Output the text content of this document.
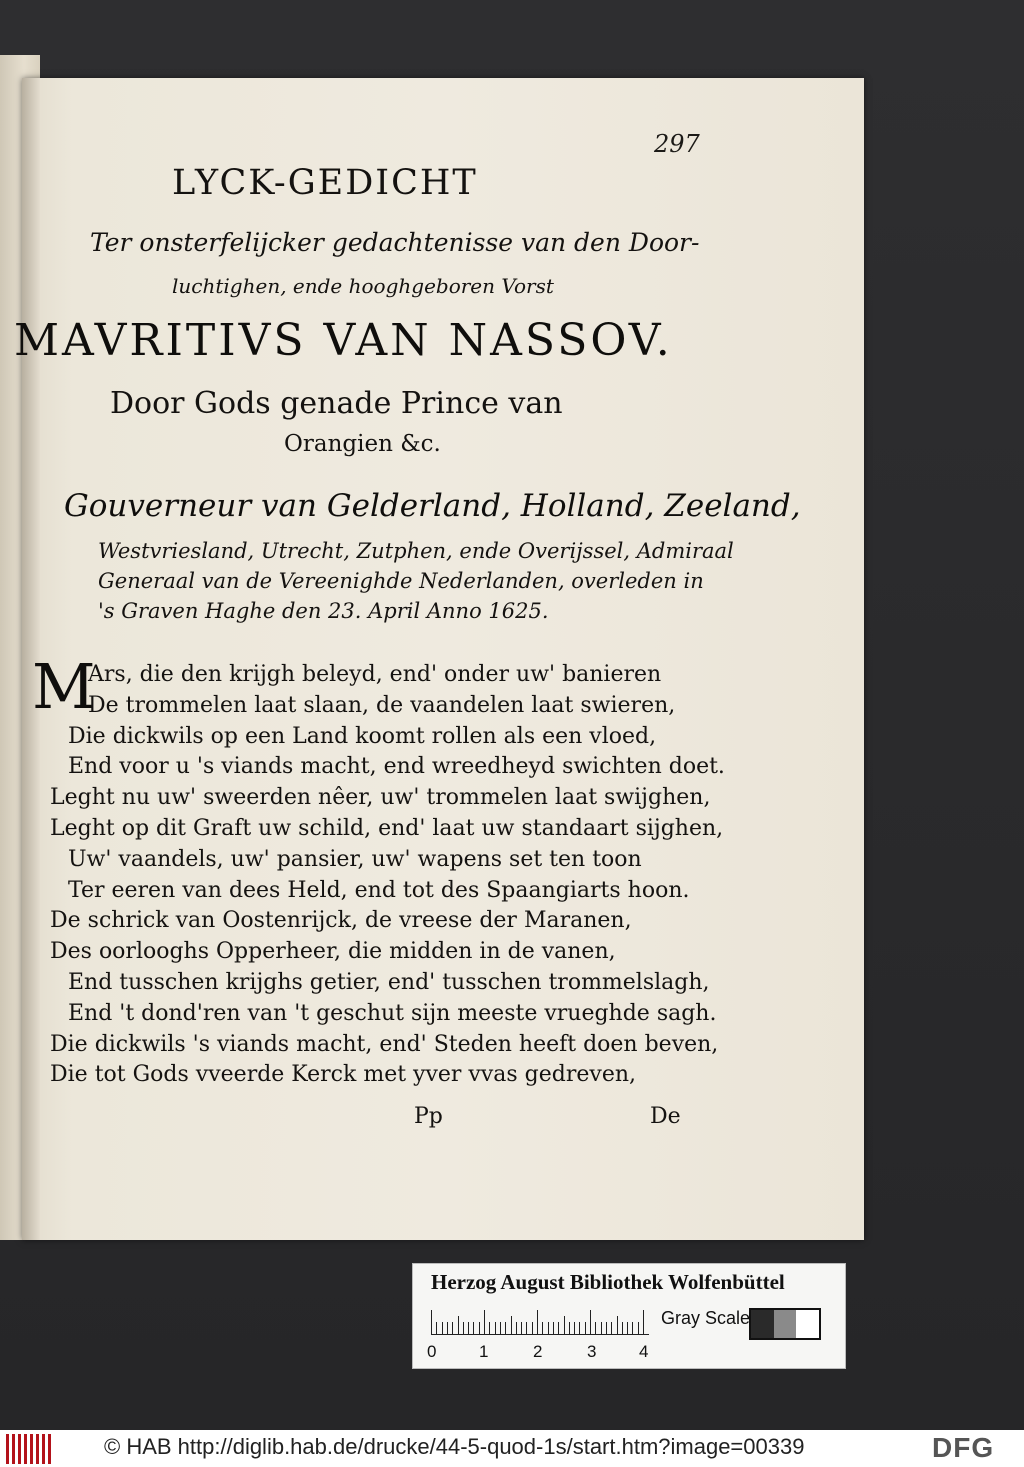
297
LYCK-GEDICHT
Ter onsterfelijcker gedachtenisse van den Door-
luchtighen, ende hooghgeboren Vorst
MAVRITIVS VAN NASSOV.
Door Gods genade Prince van
Orangien &c.
Gouverneur van Gelderland, Holland, Zeeland,
Westvriesland, Utrecht, Zutphen, ende Overijssel, Admiraal
Generaal van de Vereenighde Nederlanden, overleden in
's Graven Haghe den 23. April Anno 1625.
M
Ars, die den krijgh beleyd, end' onder uw' banieren
De trommelen laat slaan, de vaandelen laat swieren,
Die dickwils op een Land koomt rollen als een vloed,
End voor u 's viands macht, end wreedheyd swichten doet.
Leght nu uw' sweerden nêer, uw' trommelen laat swijghen,
Leght op dit Graft uw schild, end' laat uw standaart sijghen,
Uw' vaandels, uw' pansier, uw' wapens set ten toon
Ter eeren van dees Held, end tot des Spaangiarts hoon.
De schrick van Oostenrijck, de vreese der Maranen,
Des oorlooghs Opperheer, die midden in de vanen,
End tusschen krijghs getier, end' tusschen trommelslagh,
End 't dond'ren van 't geschut sijn meeste vrueghde sagh.
Die dickwils 's viands macht, end' Steden heeft doen beven,
Die tot Gods vveerde Kerck met yver vvas gedreven,
Pp	De
Herzog August Bibliothek Wolfenbüttel
0	1	2	3	4
Gray Scale
© HAB http://diglib.hab.de/drucke/44-5-quod-1s/start.htm?image=00339	DFG
